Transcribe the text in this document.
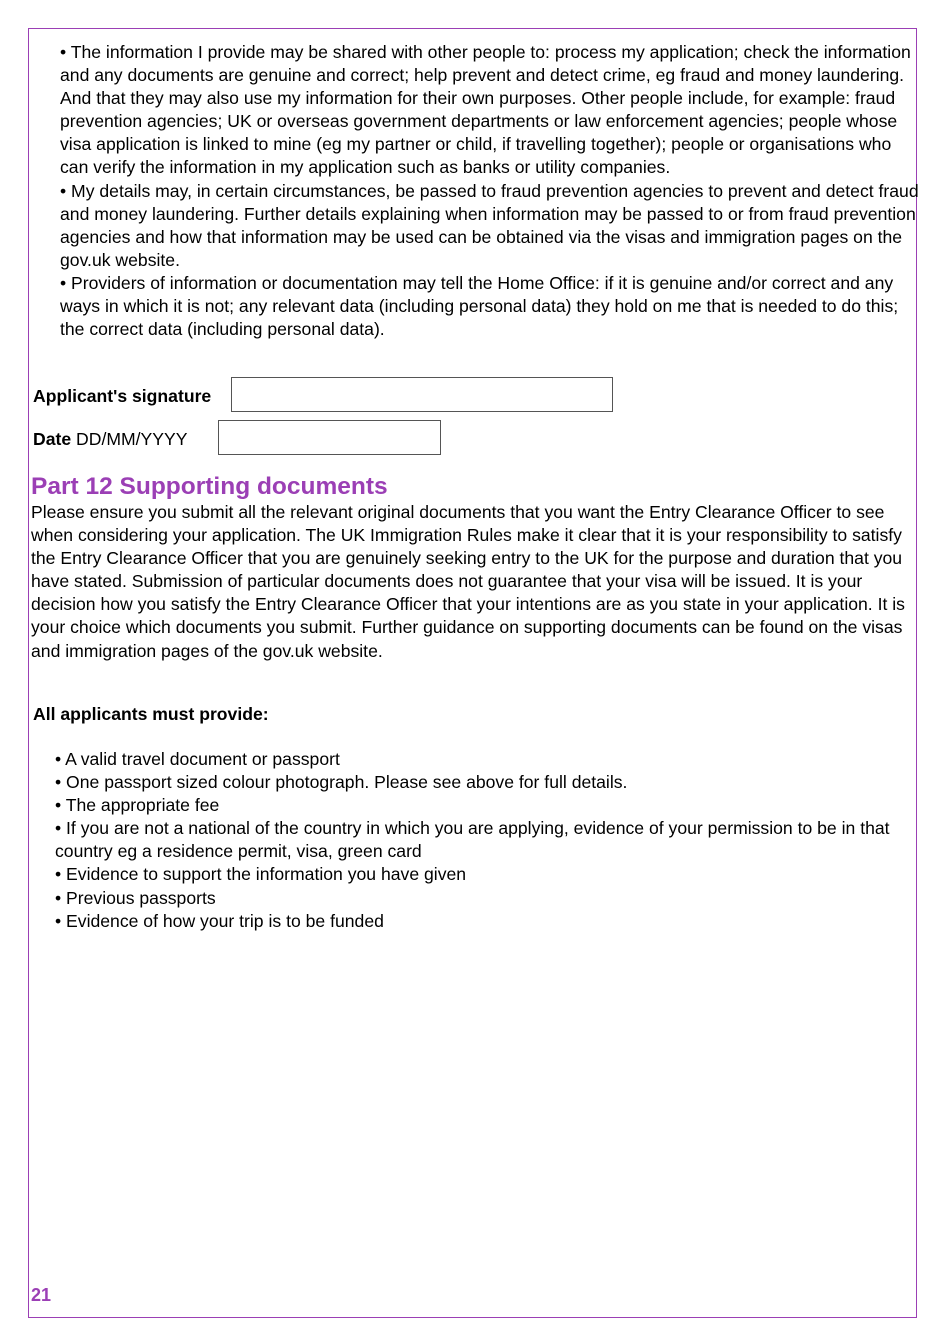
• The information I provide may be shared with other people to: process my application; check the information and any documents are genuine and correct; help prevent and detect crime, eg fraud and money laundering. And that they may also use my information for their own purposes. Other people include, for example: fraud prevention agencies; UK or overseas government departments or law enforcement agencies; people whose visa application is linked to mine (eg my partner or child, if travelling together); people or organisations who can verify the information in my application such as banks or utility companies.

• My details may, in certain circumstances, be passed to fraud prevention agencies to prevent and detect fraud and money laundering. Further details explaining when information may be passed to or from fraud prevention agencies and how that information may be used can be obtained via the visas and immigration pages on the gov.uk website.

• Providers of information or documentation may tell the Home Office: if it is genuine and/or correct and any ways in which it is not; any relevant data (including personal data) they hold on me that is needed to do this; the correct data (including personal data).

Applicant's signature
Date DD/MM/YYYY
Part 12 Supporting documents

Please ensure you submit all the relevant original documents that you want the Entry Clearance Officer to see when considering your application. The UK Immigration Rules make it clear that it is your responsibility to satisfy the Entry Clearance Officer that you are genuinely seeking entry to the UK for the purpose and duration that you have stated. Submission of particular documents does not guarantee that your visa will be issued. It is your decision how you satisfy the Entry Clearance Officer that your intentions are as you state in your application. It is your choice which documents you submit. Further guidance on supporting documents can be found on the visas and immigration pages of the gov.uk website.

All applicants must provide:

• A valid travel document or passport
• One passport sized colour photograph. Please see above for full details.
• The appropriate fee
• If you are not a national of the country in which you are applying, evidence of your permission to be in that country eg a residence permit, visa, green card
• Evidence to support the information you have given
• Previous passports
• Evidence of how your trip is to be funded
21
